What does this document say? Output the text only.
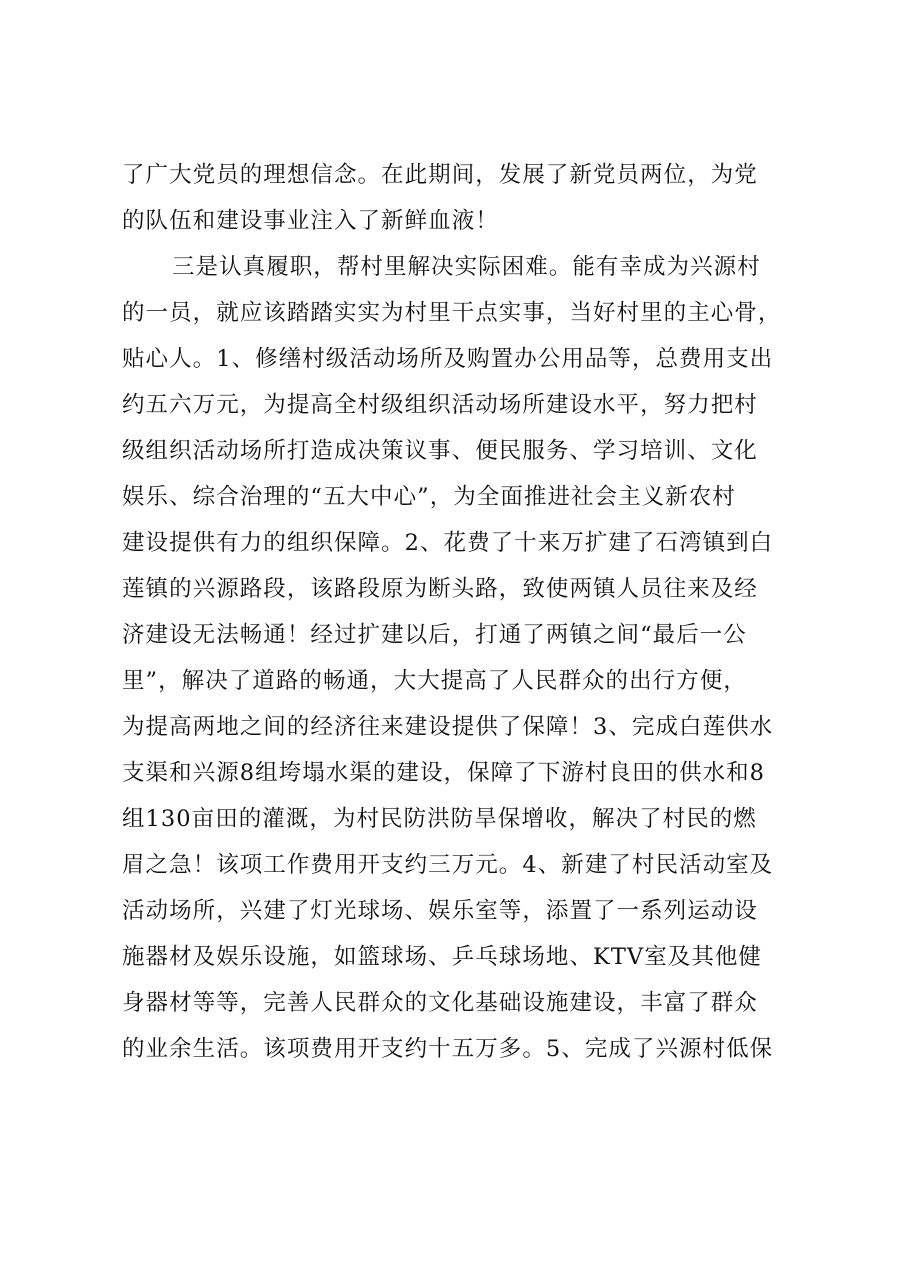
了广大党员的理想信念。在此期间，发展了新党员两位，为党
的队伍和建设事业注入了新鲜血液！
三是认真履职，帮村里解决实际困难。能有幸成为兴源村
的一员，就应该踏踏实实为村里干点实事，当好村里的主心骨，
贴心人。1、修缮村级活动场所及购置办公用品等，总费用支出
约五六万元，为提高全村级组织活动场所建设水平，努力把村
级组织活动场所打造成决策议事、便民服务、学习培训、文化
娱乐、综合治理的“五大中心”，为全面推进社会主义新农村
建设提供有力的组织保障。2、花费了十来万扩建了石湾镇到白
莲镇的兴源路段，该路段原为断头路，致使两镇人员往来及经
济建设无法畅通！经过扩建以后，打通了两镇之间“最后一公
里”，解决了道路的畅通，大大提高了人民群众的出行方便，
为提高两地之间的经济往来建设提供了保障！3、完成白莲供水
支渠和兴源8组垮塌水渠的建设，保障了下游村良田的供水和8
组130亩田的灌溉，为村民防洪防旱保增收，解决了村民的燃
眉之急！该项工作费用开支约三万元。4、新建了村民活动室及
活动场所，兴建了灯光球场、娱乐室等，添置了一系列运动设
施器材及娱乐设施，如篮球场、乒乓球场地、KTV室及其他健
身器材等等，完善人民群众的文化基础设施建设，丰富了群众
的业余生活。该项费用开支约十五万多。5、完成了兴源村低保
